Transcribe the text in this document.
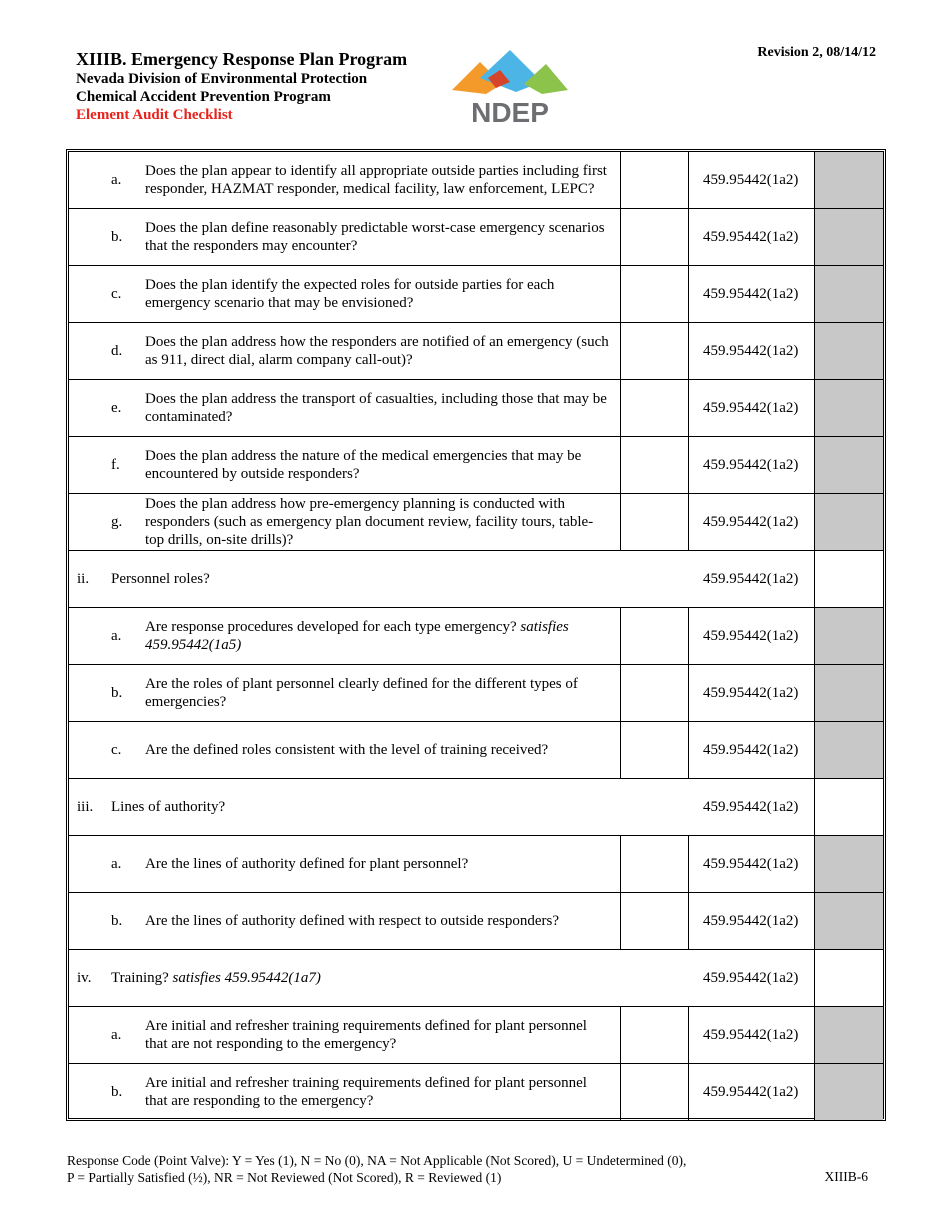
XIIIB. Emergency Response Plan Program
Nevada Division of Environmental Protection
Chemical Accident Prevention Program
Element Audit Checklist
Revision 2, 08/14/12
NDEP
a.
Does the plan appear to identify all appropriate outside parties including first responder, HAZMAT responder, medical facility, law enforcement, LEPC?
459.95442(1a2)
b.
Does the plan define reasonably predictable worst-case emergency scenarios that the responders may encounter?
459.95442(1a2)
c.
Does the plan identify the expected roles for outside parties for each emergency scenario that may be envisioned?
459.95442(1a2)
d.
Does the plan address how the responders are notified of an emergency (such as 911, direct dial, alarm company call-out)?
459.95442(1a2)
e.
Does the plan address the transport of casualties, including those that may be contaminated?
459.95442(1a2)
f.
Does the plan address the nature of the medical emergencies that may be encountered by outside responders?
459.95442(1a2)
g.
Does the plan address how pre-emergency planning is conducted with responders (such as emergency plan document review, facility tours, table-top drills, on-site drills)?
459.95442(1a2)
ii. Personnel roles?	459.95442(1a2)
a.
Are response procedures developed for each type emergency? satisfies 459.95442(1a5)
459.95442(1a2)
b.
Are the roles of plant personnel clearly defined for the different types of emergencies?
459.95442(1a2)
c. Are the defined roles consistent with the level of training received?	459.95442(1a2)
iii. Lines of authority?	459.95442(1a2)
a. Are the lines of authority defined for plant personnel?	459.95442(1a2)
b. Are the lines of authority defined with respect to outside responders?	459.95442(1a2)
iv. Training? satisfies 459.95442(1a7)	459.95442(1a2)
a.
Are initial and refresher training requirements defined for plant personnel that are not responding to the emergency?
459.95442(1a2)
b.
Are initial and refresher training requirements defined for plant personnel that are responding to the emergency?
459.95442(1a2)
Response Code (Point Valve): Y = Yes (1), N = No (0), NA = Not Applicable (Not Scored), U = Undetermined (0),
P = Partially Satisfied (½), NR = Not Reviewed (Not Scored), R = Reviewed (1)	XIIIB-6
